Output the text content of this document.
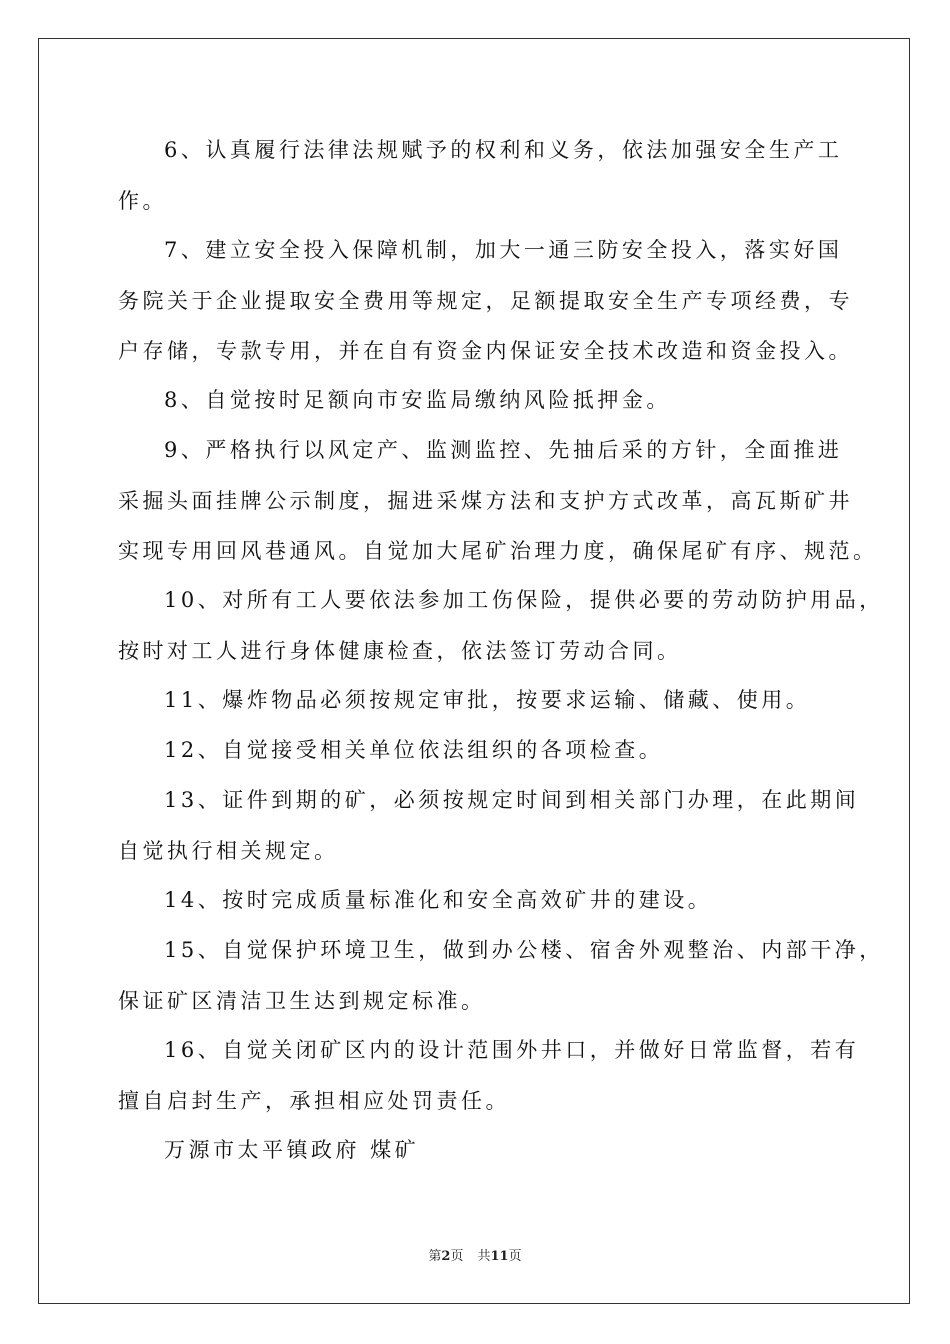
6、认真履行法律法规赋予的权利和义务，依法加强安全生产工

作。

7、建立安全投入保障机制，加大一通三防安全投入，落实好国

务院关于企业提取安全费用等规定，足额提取安全生产专项经费，专

户存储，专款专用，并在自有资金内保证安全技术改造和资金投入。

8、自觉按时足额向市安监局缴纳风险抵押金。

9、严格执行以风定产、监测监控、先抽后采的方针，全面推进

采掘头面挂牌公示制度，掘进采煤方法和支护方式改革，高瓦斯矿井

实现专用回风巷通风。自觉加大尾矿治理力度，确保尾矿有序、规范。

10、对所有工人要依法参加工伤保险，提供必要的劳动防护用品，

按时对工人进行身体健康检查，依法签订劳动合同。

11、爆炸物品必须按规定审批，按要求运输、储藏、使用。

12、自觉接受相关单位依法组织的各项检查。

13、证件到期的矿，必须按规定时间到相关部门办理，在此期间

自觉执行相关规定。

14、按时完成质量标准化和安全高效矿井的建设。

15、自觉保护环境卫生，做到办公楼、宿舍外观整治、内部干净，

保证矿区清洁卫生达到规定标准。

16、自觉关闭矿区内的设计范围外井口，并做好日常监督，若有

擅自启封生产，承担相应处罚责任。

万源市太平镇政府 煤矿

第2页 共11页
